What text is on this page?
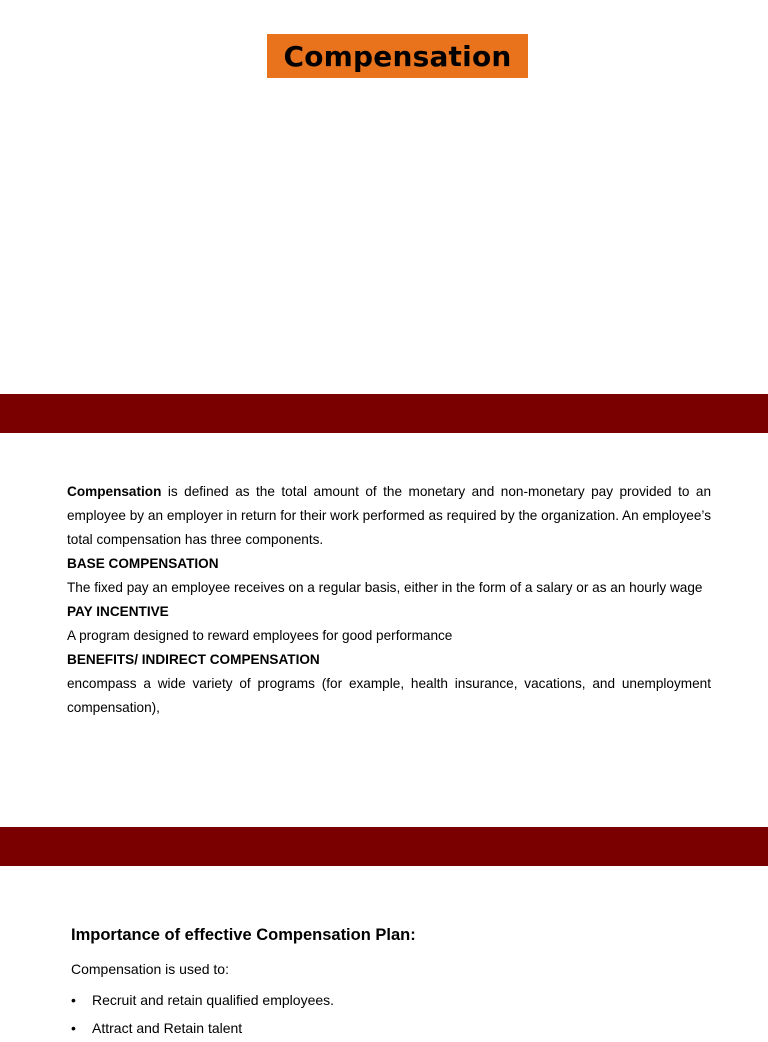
Compensation

Compensation is defined as the total amount of the monetary and non-monetary pay provided to an employee by an employer in return for their work performed as required by the organization. An employee’s total compensation has three components.

BASE COMPENSATION

The fixed pay an employee receives on a regular basis, either in the form of a salary or as an hourly wage

PAY INCENTIVE

A program designed to reward employees for good performance

BENEFITS/ INDIRECT COMPENSATION

encompass a wide variety of programs (for example, health insurance, vacations, and unemployment compensation),

Importance of effective Compensation Plan:

Compensation is used to:

•	Recruit and retain qualified employees.
•	Attract and Retain talent
